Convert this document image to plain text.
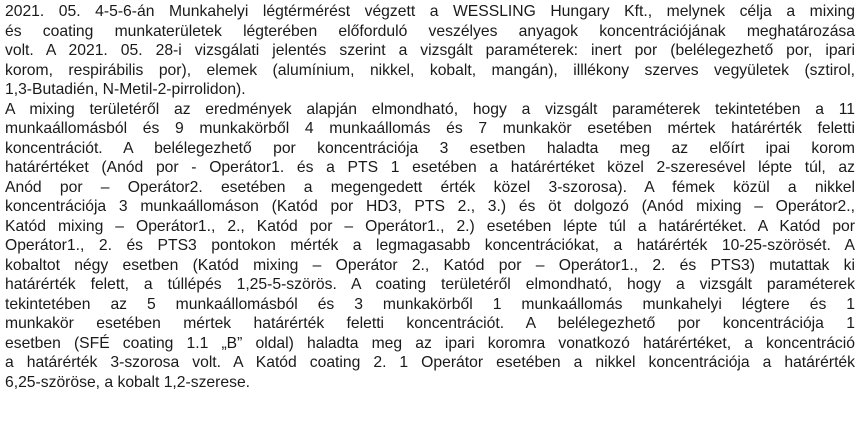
2021. 05. 4-5-6-án Munkahelyi légtérmérést végzett a WESSLING Hungary Kft., melynek célja a mixing
és coating munkaterületek légterében előforduló veszélyes anyagok koncentrációjának meghatározása
volt. A 2021. 05. 28-i vizsgálati jelentés szerint a vizsgált paraméterek: inert por (belélegezhető por, ipari
korom, respirábilis por), elemek (alumínium, nikkel, kobalt, mangán), illlékony szerves vegyületek (sztirol,
1,3-Butadién, N-Metil-2-pirrolidon).
A mixing területéről az eredmények alapján elmondható, hogy a vizsgált paraméterek tekintetében a 11
munkaállomásból és 9 munkakörből 4 munkaállomás és 7 munkakör esetében mértek határérték feletti
koncentrációt. A belélegezhető por koncentrációja 3 esetben haladta meg az előírt ipai korom
határértéket (Anód por - Operátor1. és a PTS 1 esetében a határértéket közel 2-szeresével lépte túl, az
Anód por – Operátor2. esetében a megengedett érték közel 3-szorosa). A fémek közül a nikkel
koncentrációja 3 munkaállomáson (Katód por HD3, PTS 2., 3.) és öt dolgozó (Anód mixing – Operátor2.,
Katód mixing – Operátor1., 2., Katód por – Operátor1., 2.) esetében lépte túl a határértéket. A Katód por
Operátor1., 2. és PTS3 pontokon mérték a legmagasabb koncentrációkat, a határérték 10-25-szörösét. A
kobaltot négy esetben (Katód mixing – Operátor 2., Katód por – Operátor1., 2. és PTS3) mutattak ki
határérték felett, a túllépés 1,25-5-szörös. A coating területéről elmondható, hogy a vizsgált paraméterek
tekintetében az 5 munkaállomásból és 3 munkakörből 1 munkaállomás munkahelyi légtere és 1
munkakör esetében mértek határérték feletti koncentrációt. A belélegezhető por koncentrációja 1
esetben (SFÉ coating 1.1 „B” oldal) haladta meg az ipari koromra vonatkozó határértéket, a koncentráció
a határérték 3-szorosa volt. A Katód coating 2. 1 Operátor esetében a nikkel koncentrációja a határérték
6,25-szöröse, a kobalt 1,2-szerese.
